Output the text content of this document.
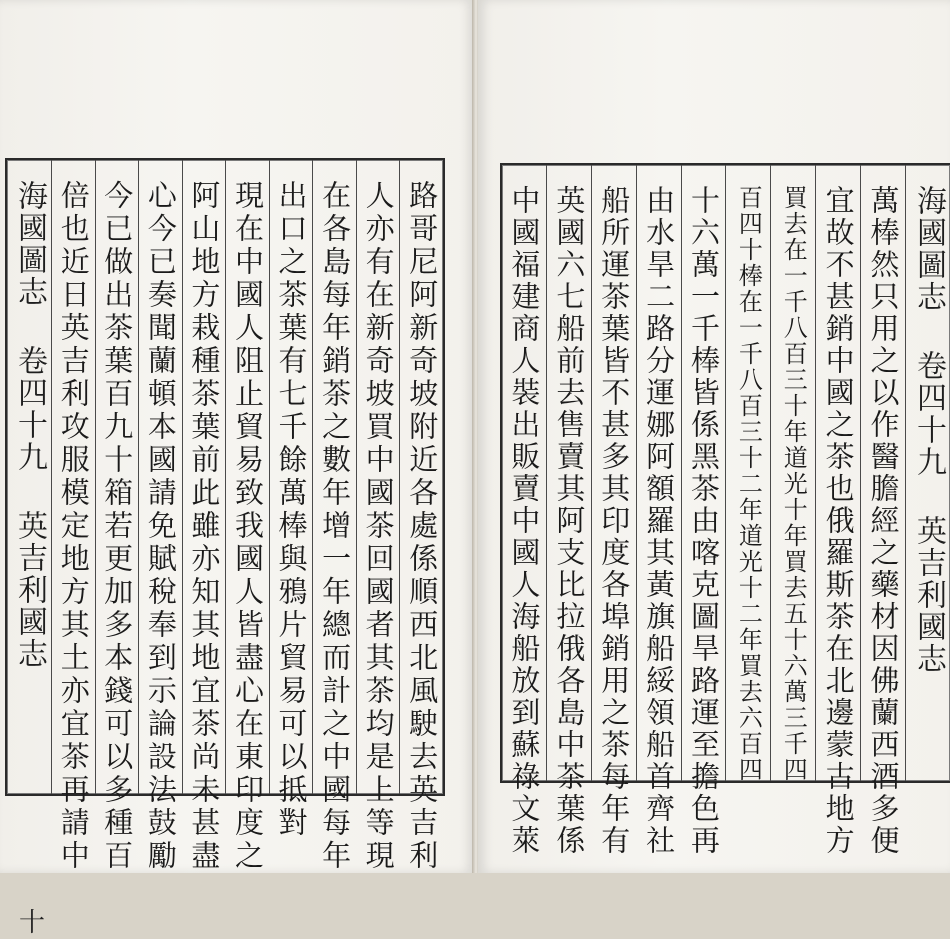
路哥尼阿新奇坡附近各處係順西北風駛去英吉利
人亦有在新奇坡買中國茶回國者其茶均是上等現
在各島每年銷茶之數年增一年總而計之中國每年
出口之茶葉有七千餘萬棒與鴉片貿易可以抵對
現在中國人阻止貿易致我國人皆盡心在東印度之
阿山地方栽種茶葉前此雖亦知其地宜茶尚未甚盡
心今已奏聞蘭頓本國請免賦稅奉到示論設法鼓勵
今已做出茶葉百九十箱若更加多本錢可以多種百
倍也近日英吉利攻服模定地方其土亦宜茶再請中
海國圖志 卷四十九 英吉利國志
十
海國圖志 卷四十九 英吉利國志
萬棒然只用之以作醫膽經之藥材因佛蘭西酒多便
宜故不甚銷中國之茶也俄羅斯茶在北邊蒙古地方
買去在一千八百三十年道光十年買去五十六萬三千四
百四十棒在一千八百三十二年道光十二年買去六百四
十六萬一千棒皆係黑茶由喀克圖旱路運至擔色再
由水旱二路分運娜阿額羅其黃旗船綏領船首齊社
船所運茶葉皆不甚多其印度各埠銷用之茶每年有
英國六七船前去售賣其阿支比拉俄各島中茶葉係
中國福建商人裝出販賣中國人海船放到蘇祿文萊
